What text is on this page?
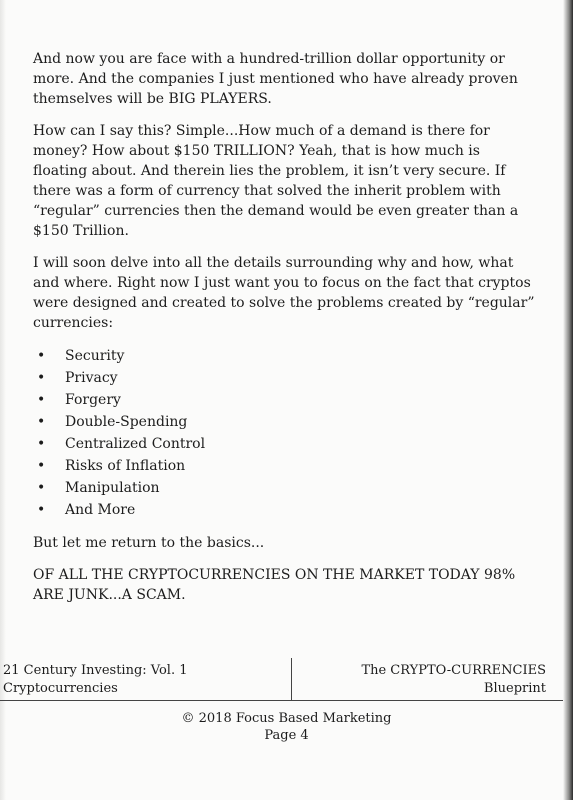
And now you are face with a hundred-trillion dollar opportunity or more. And the companies I just mentioned who have already proven themselves will be BIG PLAYERS.

How can I say this? Simple...How much of a demand is there for money? How about $150 TRILLION? Yeah, that is how much is floating about. And therein lies the problem, it isn’t very secure. If there was a form of currency that solved the inherit problem with “regular” currencies then the demand would be even greater than a $150 Trillion.

I will soon delve into all the details surrounding why and how, what and where. Right now I just want you to focus on the fact that cryptos were designed and created to solve the problems created by “regular” currencies:

• Security
• Privacy
• Forgery
• Double-Spending
• Centralized Control
• Risks of Inflation
• Manipulation
• And More

But let me return to the basics...

OF ALL THE CRYPTOCURRENCIES ON THE MARKET TODAY 98% ARE JUNK...A SCAM.

21 Century Investing: Vol. 1
Cryptocurrencies
The CRYPTO-CURRENCIES
Blueprint
© 2018 Focus Based Marketing
Page 4
